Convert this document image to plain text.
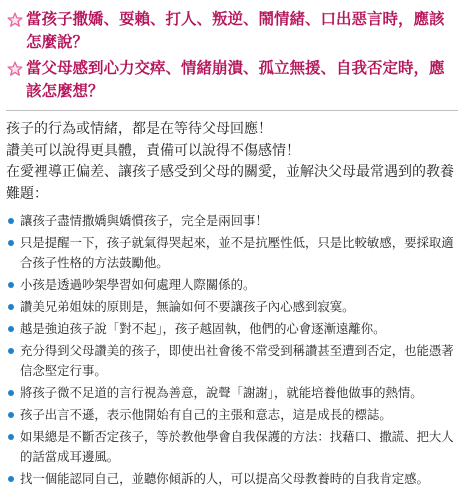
當孩子撒嬌、耍賴、打人、叛逆、鬧情緒、口出惡言時，應該怎麼說？
當父母感到心力交瘁、情緒崩潰、孤立無援、自我否定時，應該怎麼想？
孩子的行為或情緒，都是在等待父母回應！
讚美可以說得更具體，責備可以說得不傷感情！
在愛裡導正偏差、讓孩子感受到父母的關愛，並解決父母最常遇到的教養難題：
讓孩子盡情撒嬌與嬌慣孩子，完全是兩回事！
只是提醒一下，孩子就氣得哭起來，並不是抗壓性低，只是比較敏感，要採取適合孩子性格的方法鼓勵他。
小孩是透過吵架學習如何處理人際關係的。
讚美兄弟姐妹的原則是，無論如何不要讓孩子內心感到寂寞。
越是強迫孩子說「對不起」，孩子越固執，他們的心會逐漸遠離你。
充分得到父母讚美的孩子，即使出社會後不常受到稱讚甚至遭到否定，也能憑著信念堅定行事。
將孩子微不足道的言行視為善意，說聲「謝謝」，就能培養他做事的熱情。
孩子出言不遜，表示他開始有自己的主張和意志，這是成長的標誌。
如果總是不斷否定孩子，等於教他學會自我保護的方法：找藉口、撒謊、把大人的話當成耳邊風。
找一個能認同自己，並聽你傾訴的人，可以提高父母教養時的自我肯定感。
